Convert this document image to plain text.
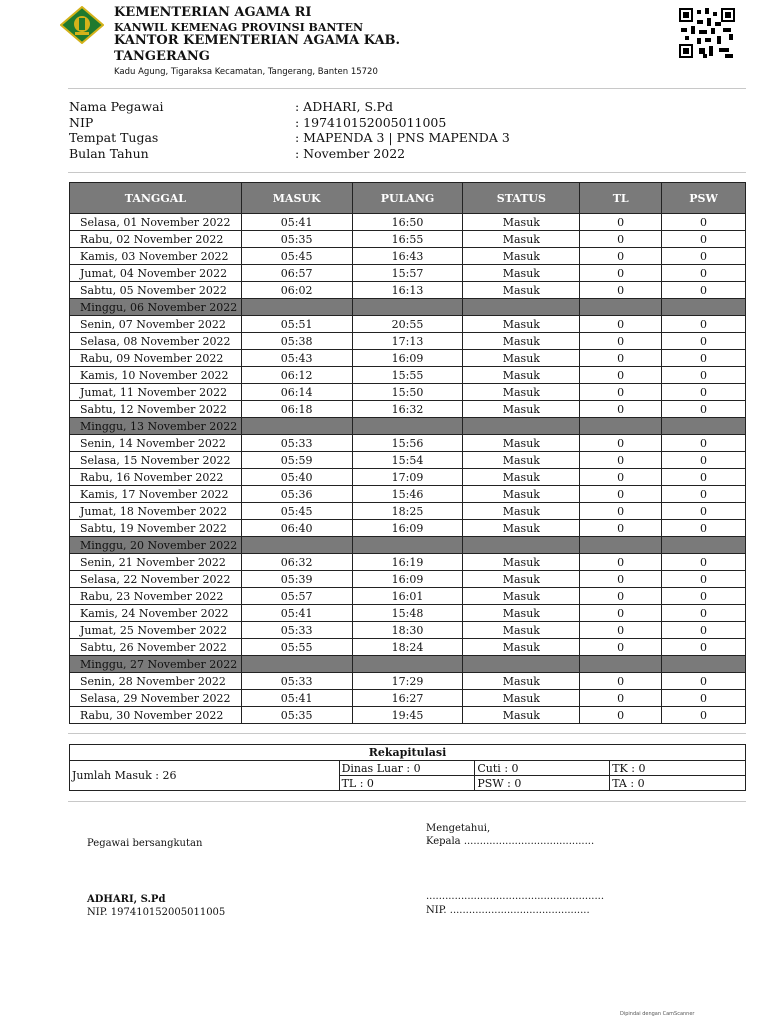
KEMENTERIAN AGAMA RI
KANWIL KEMENAG PROVINSI BANTEN
KANTOR KEMENTERIAN AGAMA KAB. TANGERANG
Kadu Agung, Tigaraksa Kecamatan, Tangerang, Banten 15720
Nama Pegawai	: ADHARI, S.Pd
NIP	: 197410152005011005
Tempat Tugas	: MAPENDA 3 | PNS MAPENDA 3
Bulan Tahun	: November 2022
TANGGAL	MASUK	PULANG	STATUS	TL	PSW
Selasa, 01 November 2022	05:41	16:50	Masuk	0	0
Rabu, 02 November 2022	05:35	16:55	Masuk	0	0
Kamis, 03 November 2022	05:45	16:43	Masuk	0	0
Jumat, 04 November 2022	06:57	15:57	Masuk	0	0
Sabtu, 05 November 2022	06:02	16:13	Masuk	0	0
Minggu, 06 November 2022					
Senin, 07 November 2022	05:51	20:55	Masuk	0	0
Selasa, 08 November 2022	05:38	17:13	Masuk	0	0
Rabu, 09 November 2022	05:43	16:09	Masuk	0	0
Kamis, 10 November 2022	06:12	15:55	Masuk	0	0
Jumat, 11 November 2022	06:14	15:50	Masuk	0	0
Sabtu, 12 November 2022	06:18	16:32	Masuk	0	0
Minggu, 13 November 2022					
Senin, 14 November 2022	05:33	15:56	Masuk	0	0
Selasa, 15 November 2022	05:59	15:54	Masuk	0	0
Rabu, 16 November 2022	05:40	17:09	Masuk	0	0
Kamis, 17 November 2022	05:36	15:46	Masuk	0	0
Jumat, 18 November 2022	05:45	18:25	Masuk	0	0
Sabtu, 19 November 2022	06:40	16:09	Masuk	0	0
Minggu, 20 November 2022					
Senin, 21 November 2022	06:32	16:19	Masuk	0	0
Selasa, 22 November 2022	05:39	16:09	Masuk	0	0
Rabu, 23 November 2022	05:57	16:01	Masuk	0	0
Kamis, 24 November 2022	05:41	15:48	Masuk	0	0
Jumat, 25 November 2022	05:33	18:30	Masuk	0	0
Sabtu, 26 November 2022	05:55	18:24	Masuk	0	0
Minggu, 27 November 2022					
Senin, 28 November 2022	05:33	17:29	Masuk	0	0
Selasa, 29 November 2022	05:41	16:27	Masuk	0	0
Rabu, 30 November 2022	05:35	19:45	Masuk	0	0
Rekapitulasi			
Jumlah Masuk : 26	Dinas Luar : 0	Cuti : 0	TK : 0
	TL : 0	PSW : 0	TA : 0
Pegawai bersangkutan
ADHARI, S.Pd
NIP. 197410152005011005
Mengetahui,
Kepala .........................................
........................................................
NIP. ............................................
Dipindai dengan CamScanner
